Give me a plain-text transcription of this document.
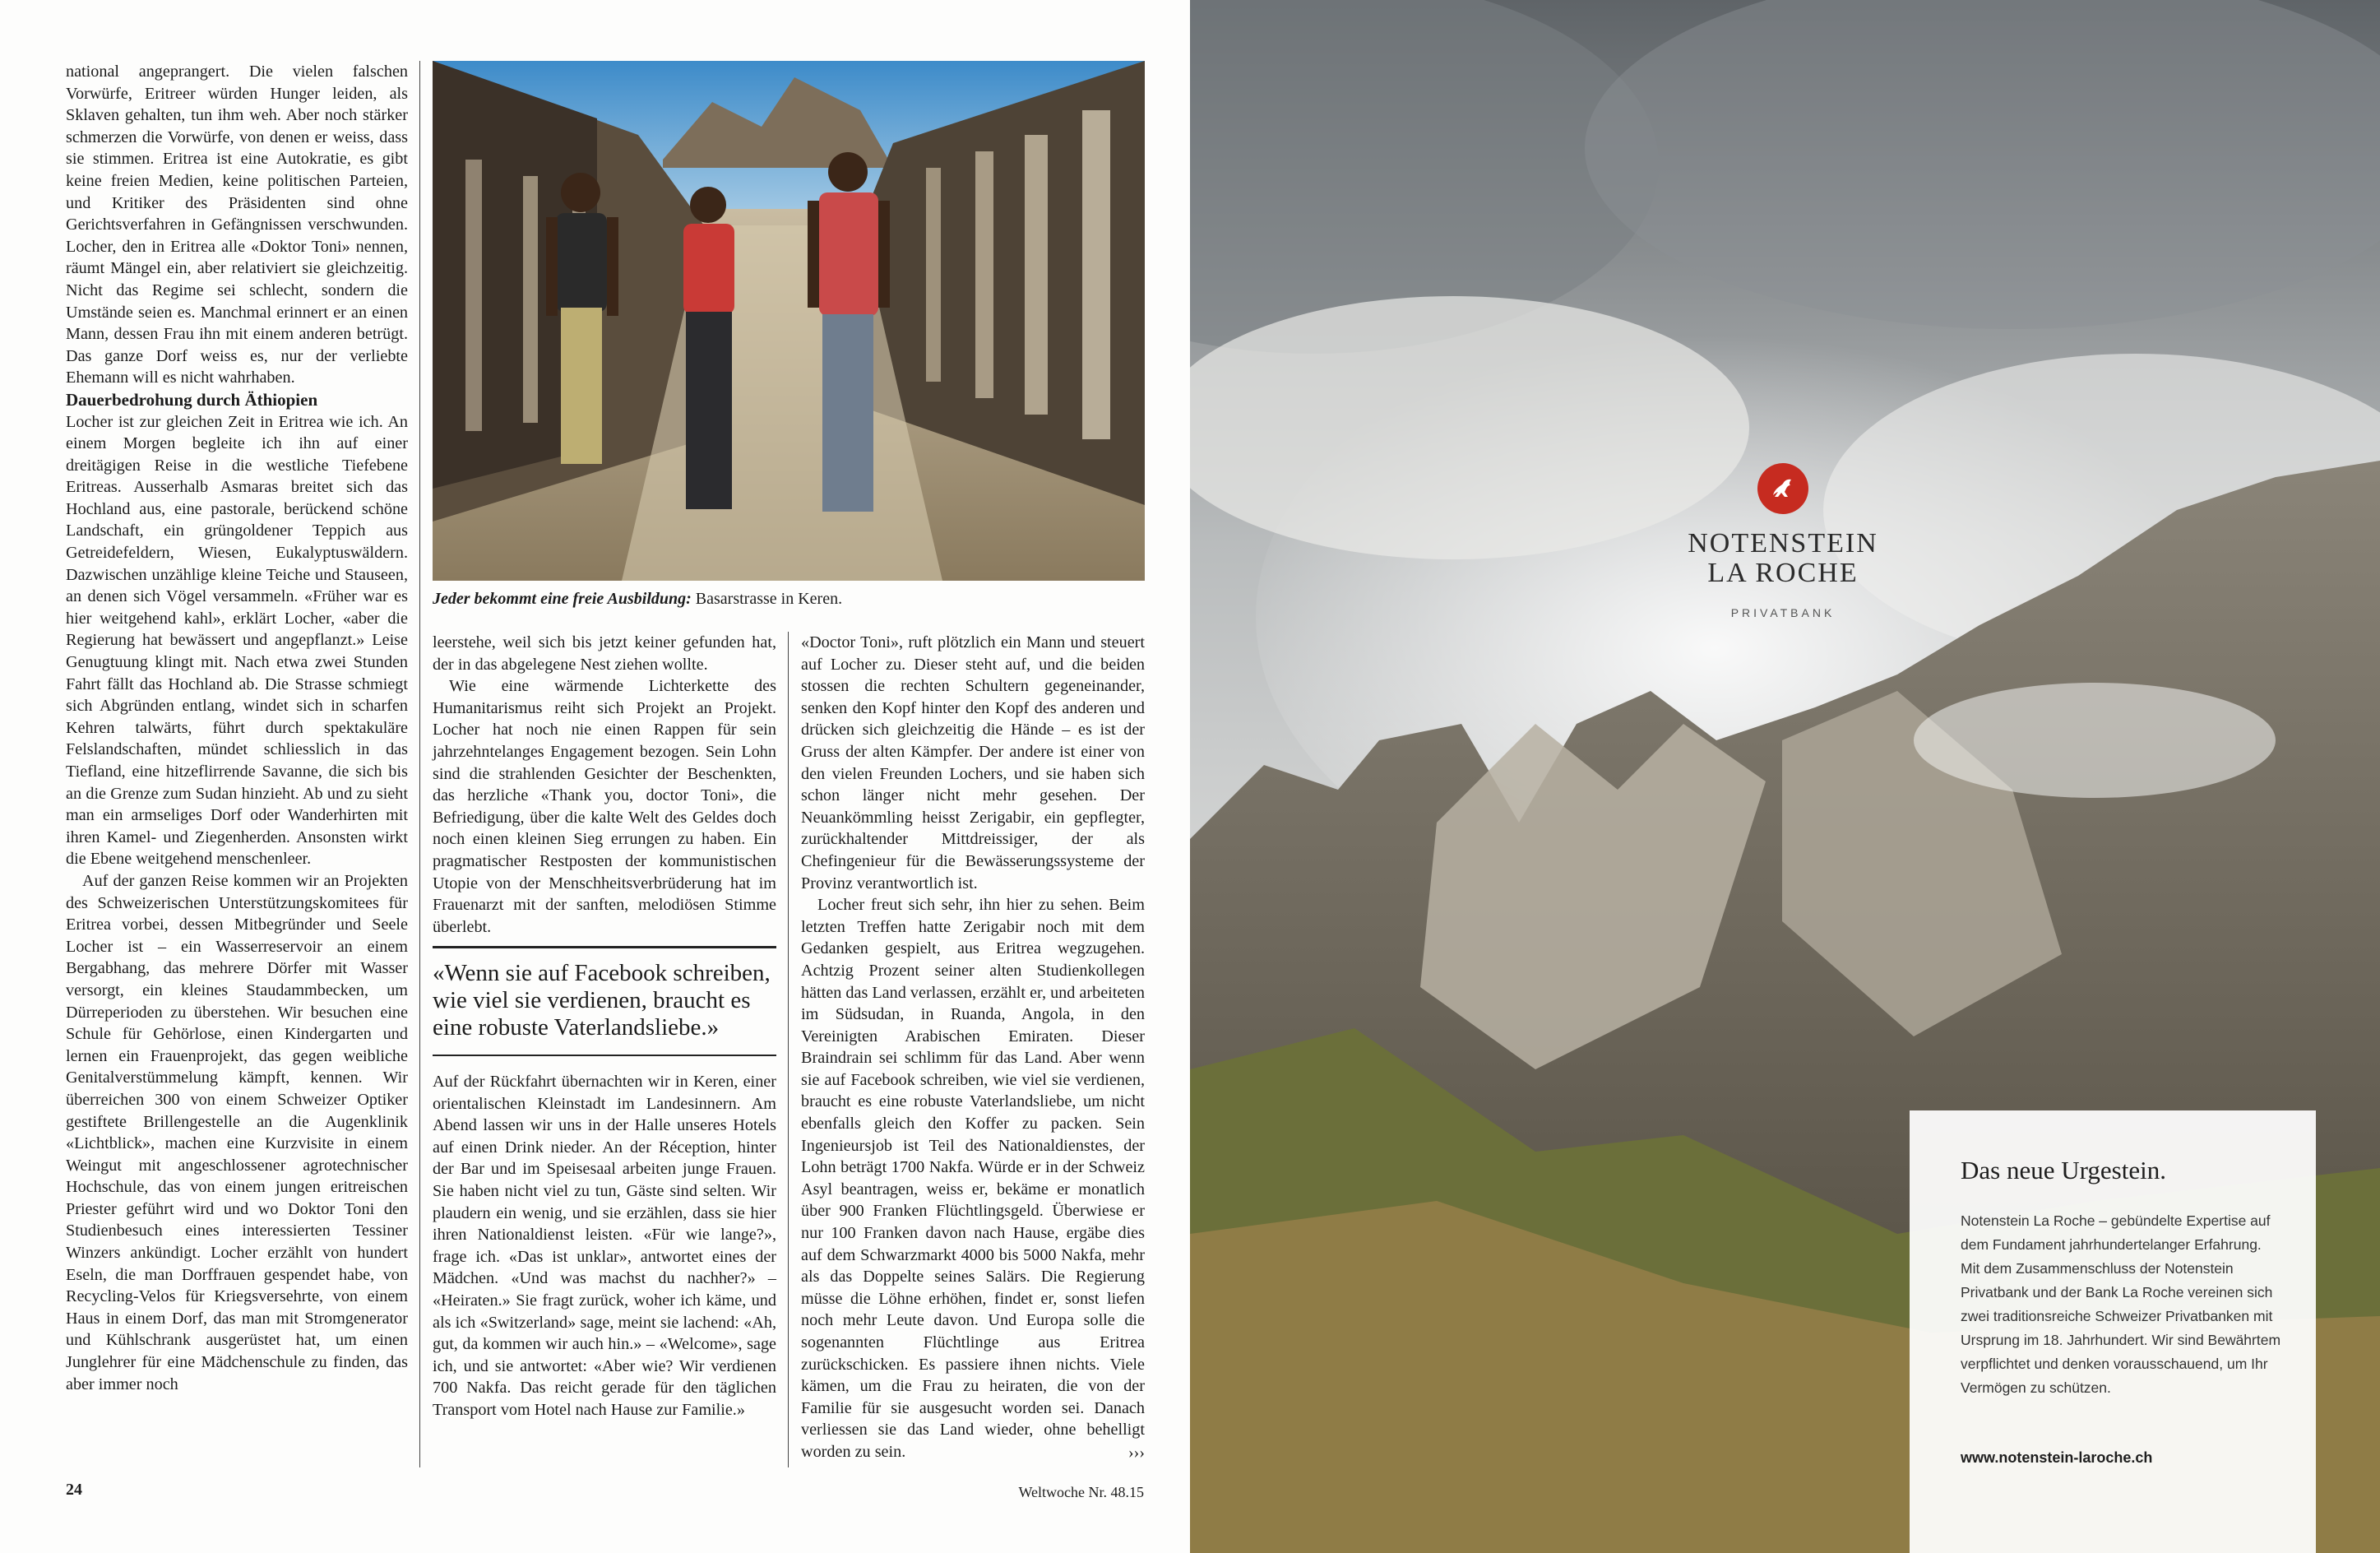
national angeprangert. Die vielen falschen Vorwürfe, Eritreer würden Hunger leiden, als Sklaven gehalten, tun ihm weh. Aber noch stärker schmerzen die Vorwürfe, von denen er weiss, dass sie stimmen. Eritrea ist eine Autokratie, es gibt keine freien Medien, keine politischen Parteien, und Kritiker des Präsidenten sind ohne Gerichtsverfahren in Gefängnissen verschwunden. Locher, den in Eritrea alle «Doktor Toni» nennen, räumt Mängel ein, aber relativiert sie gleichzeitig. Nicht das Regime sei schlecht, sondern die Umstände seien es. Manchmal erinnert er an einen Mann, dessen Frau ihn mit einem anderen betrügt. Das ganze Dorf weiss es, nur der verliebte Ehemann will es nicht wahrhaben.

Dauerbedrohung durch Äthiopien

Locher ist zur gleichen Zeit in Eritrea wie ich. An einem Morgen begleite ich ihn auf einer dreitägigen Reise in die westliche Tiefebene Eritreas. Ausserhalb Asmaras breitet sich das Hochland aus, eine pastorale, berückend schöne Landschaft, ein grüngoldener Teppich aus Getreidefeldern, Wiesen, Eukalyptuswäldern. Dazwischen unzählige kleine Teiche und Stauseen, an denen sich Vögel versammeln. «Früher war es hier weitgehend kahl», erklärt Locher, «aber die Regierung hat bewässert und angepflanzt.» Leise Genugtuung klingt mit. Nach etwa zwei Stunden Fahrt fällt das Hochland ab. Die Strasse schmiegt sich Abgründen entlang, windet sich in scharfen Kehren talwärts, führt durch spektakuläre Felslandschaften, mündet schliesslich in das Tiefland, eine hitzeflirrende Savanne, die sich bis an die Grenze zum Sudan hinzieht. Ab und zu sieht man ein armseliges Dorf oder Wanderhirten mit ihren Kamel- und Ziegenherden. Ansonsten wirkt die Ebene weitgehend menschenleer.

Auf der ganzen Reise kommen wir an Projekten des Schweizerischen Unterstützungskomitees für Eritrea vorbei, dessen Mitbegründer und Seele Locher ist – ein Wasserreservoir an einem Bergabhang, das mehrere Dörfer mit Wasser versorgt, ein kleines Staudammbecken, um Dürreperioden zu überstehen. Wir besuchen eine Schule für Gehörlose, einen Kindergarten und lernen ein Frauenprojekt, das gegen weibliche Genitalverstümmelung kämpft, kennen. Wir überreichen 300 von einem Schweizer Optiker gestiftete Brillengestelle an die Augenklinik «Lichtblick», machen eine Kurzvisite in einem Weingut mit angeschlossener agrotechnischer Hochschule, das von einem jungen eritreischen Priester geführt wird und wo Doktor Toni den Studienbesuch eines interessierten Tessiner Winzers ankündigt. Locher erzählt von hundert Eseln, die man Dorffrauen gespendet habe, von Recycling-Velos für Kriegsversehrte, von einem Haus in einem Dorf, das man mit Stromgenerator und Kühlschrank ausgerüstet hat, um einen Junglehrer für eine Mädchenschule zu finden, das aber immer noch

Jeder bekommt eine freie Ausbildung: Basarstrasse in Keren.

leerstehe, weil sich bis jetzt keiner gefunden hat, der in das abgelegene Nest ziehen wollte.

Wie eine wärmende Lichterkette des Humanitarismus reiht sich Projekt an Projekt. Locher hat noch nie einen Rappen für sein jahrzehntelanges Engagement bezogen. Sein Lohn sind die strahlenden Gesichter der Beschenkten, das herzliche «Thank you, doctor Toni», die Befriedigung, über die kalte Welt des Geldes doch noch einen kleinen Sieg errungen zu haben. Ein pragmatischer Restposten der kommunistischen Utopie von der Menschheitsverbrüderung hat im Frauenarzt mit der sanften, melodiösen Stimme überlebt.

«Wenn sie auf Facebook schreiben, wie viel sie verdienen, braucht es eine robuste Vaterlandsliebe.»

Auf der Rückfahrt übernachten wir in Keren, einer orientalischen Kleinstadt im Landesinnern. Am Abend lassen wir uns in der Halle unseres Hotels auf einen Drink nieder. An der Réception, hinter der Bar und im Speisesaal arbeiten junge Frauen. Sie haben nicht viel zu tun, Gäste sind selten. Wir plaudern ein wenig, und sie erzählen, dass sie hier ihren Nationaldienst leisten. «Für wie lange?», frage ich. «Das ist unklar», antwortet eines der Mädchen. «Und was machst du nachher?» – «Heiraten.» Sie fragt zurück, woher ich käme, und als ich «Switzerland» sage, meint sie lachend: «Ah, gut, da kommen wir auch hin.» – «Welcome», sage ich, und sie antwortet: «Aber wie? Wir verdienen 700 Nakfa. Das reicht gerade für den täglichen Transport vom Hotel nach Hause zur Familie.»

«Doctor Toni», ruft plötzlich ein Mann und steuert auf Locher zu. Dieser steht auf, und die beiden stossen die rechten Schultern gegeneinander, senken den Kopf hinter den Kopf des anderen und drücken sich gleichzeitig die Hände – es ist der Gruss der alten Kämpfer. Der andere ist einer von den vielen Freunden Lochers, und sie haben sich schon länger nicht mehr gesehen. Der Neuankömmling heisst Zerigabir, ein gepflegter, zurückhaltender Mittdreissiger, der als Chefingenieur für die Bewässerungssysteme der Provinz verantwortlich ist.

Locher freut sich sehr, ihn hier zu sehen. Beim letzten Treffen hatte Zerigabir noch mit dem Gedanken gespielt, aus Eritrea wegzugehen. Achtzig Prozent seiner alten Studienkollegen hätten das Land verlassen, erzählt er, und arbeiteten im Südsudan, in Ruanda, Angola, in den Vereinigten Arabischen Emiraten. Dieser Braindrain sei schlimm für das Land. Aber wenn sie auf Facebook schreiben, wie viel sie verdienen, braucht es eine robuste Vaterlandsliebe, um nicht ebenfalls gleich den Koffer zu packen. Sein Ingenieursjob ist Teil des Nationaldienstes, der Lohn beträgt 1700 Nakfa. Würde er in der Schweiz Asyl beantragen, weiss er, bekäme er monatlich über 900 Franken Flüchtlingsgeld. Überwiese er nur 100 Franken davon nach Hause, ergäbe dies auf dem Schwarzmarkt 4000 bis 5000 Nakfa, mehr als das Doppelte seines Salärs. Die Regierung müsse die Löhne erhöhen, findet er, sonst liefen noch mehr Leute davon. Und Europa solle die sogenannten Flüchtlinge aus Eritrea zurückschicken. Es passiere ihnen nichts. Viele kämen, um die Frau zu heiraten, die von der Familie für sie ausgesucht worden sei. Danach verliessen sie das Land wieder, ohne behelligt worden zu sein.	›››

24	Weltwoche Nr. 48.15
NOTENSTEIN
LA ROCHE
PRIVATBANK
Das neue Urgestein.
Notenstein La Roche – gebündelte Expertise auf dem Fundament jahrhundertelanger Erfahrung. Mit dem Zusammenschluss der Notenstein Privatbank und der Bank La Roche vereinen sich zwei traditionsreiche Schweizer Privatbanken mit Ursprung im 18. Jahrhundert. Wir sind Bewährtem verpflichtet und denken vorausschauend, um Ihr Vermögen zu schützen.
www.notenstein-laroche.ch
